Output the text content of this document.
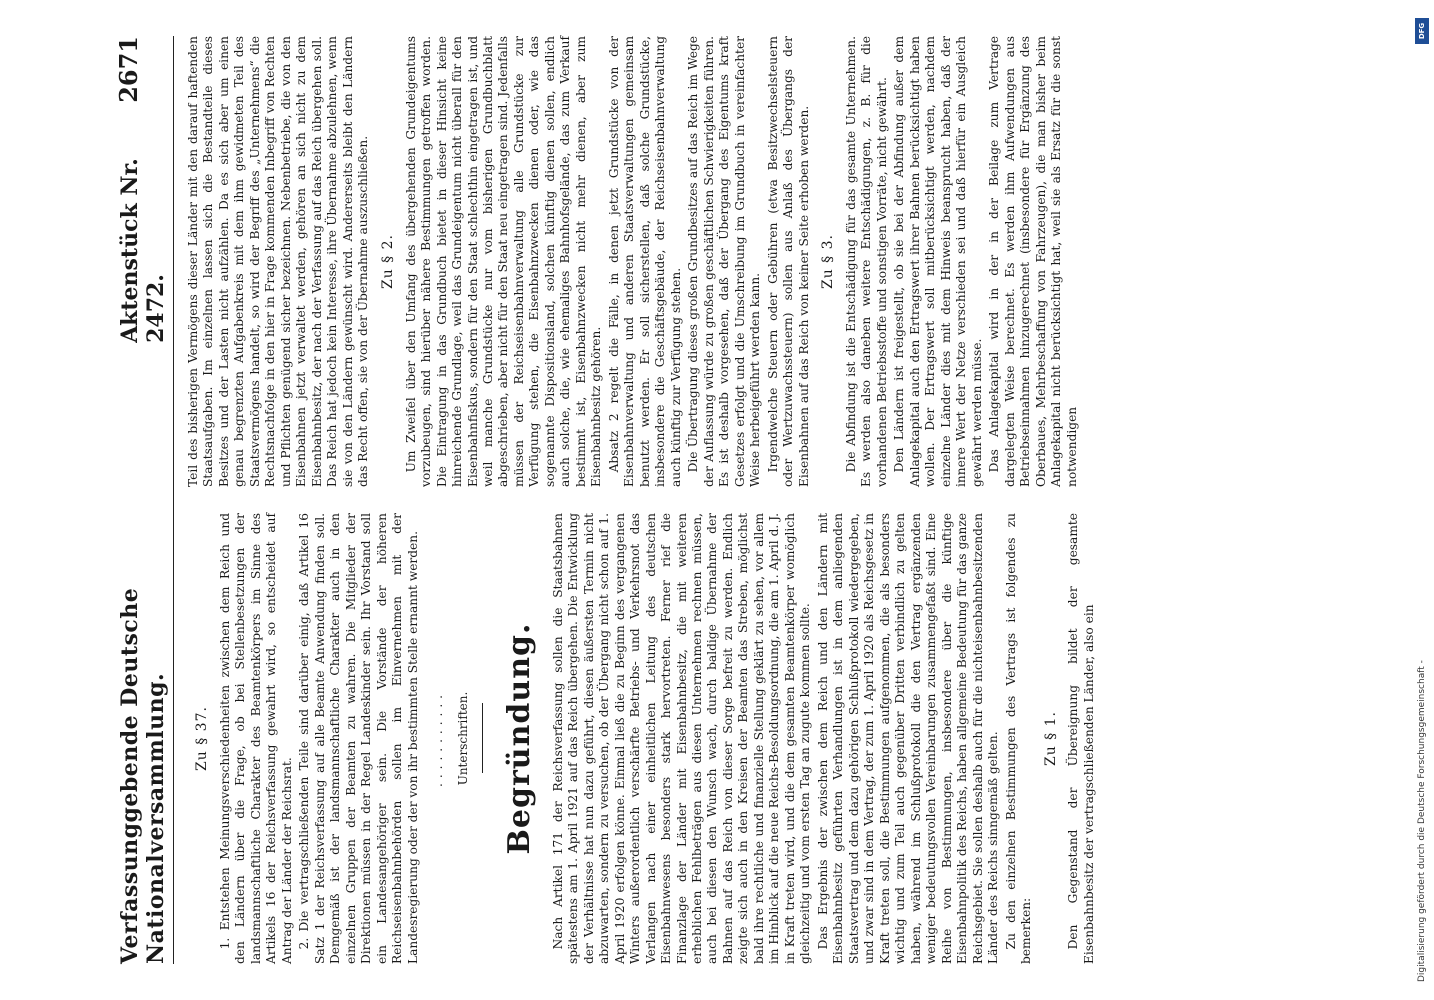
Verfassunggebende Deutsche Nationalversammlung.
Aktenstück Nr. 2472.
2671
Zu § 37. 1. Entstehen Meinungsverschiedenheiten zwischen dem Reich und den Ländern über die Frage, ob bei Stellenbesetzungen der landsmannschaftliche Charakter des Beamtenkörpers im Sinne des Artikels 16 der Reichsverfassung gewahrt wird, so entscheidet auf Antrag der Länder der Reichsrat. 2. Die vertragschließenden Teile sind darüber einig, daß Artikel 16 Satz 1 der Reichsverfassung auf alle Beamte Anwendung finden soll. Demgemäß ist der landsmannschaftliche Charakter auch in den einzelnen Gruppen der Beamten zu wahren. Die Mitglieder der Direktionen müssen in der Regel Landeskinder sein. Ihr Vorstand soll ein Landesangehöriger sein. Die Vorstände der höheren Reichseisenbahnbehörden sollen im Einvernehmen mit der Landesregierung oder der von ihr bestimmten Stelle ernannt werden. ........... Unterschriften. Begründung. Nach Artikel 171 der Reichsverfassung sollen die Staatsbahnen spätestens am 1. April 1921 auf das Reich übergehen. Die Entwicklung der Verhältnisse hat nun dazu geführt, diesen äußersten Termin nicht abzuwarten, sondern zu versuchen, ob der Übergang nicht schon auf 1. April 1920 erfolgen könne. Einmal ließ die zu Beginn des vergangenen Winters außerordentlich verschärfte Betriebs- und Verkehrsnot das Verlangen nach einer einheitlichen Leitung des deutschen Eisenbahnwesens besonders stark hervortreten. Ferner rief die Finanzlage der Länder mit Eisenbahnbesitz, die mit weiteren erheblichen Fehlbeträgen aus diesen Unternehmen rechnen müssen, auch bei diesen den Wunsch wach, durch baldige Übernahme der Bahnen auf das Reich von dieser Sorge befreit zu werden. Endlich zeigte sich auch in den Kreisen der Beamten das Streben, möglichst bald ihre rechtliche und finanzielle Stellung geklärt zu sehen, vor allem im Hinblick auf die neue Reichs-Besoldungsordnung, die am 1. April d. J. in Kraft treten wird, und die dem gesamten Beamtenkörper womöglich gleichzeitig und vom ersten Tag an zugute kommen sollte. Das Ergebnis der zwischen dem Reich und den Ländern mit Eisenbahnbesitz geführten Verhandlungen ist in dem anliegenden Staatsvertrag und dem dazu gehörigen Schlußprotokoll wiedergegeben, und zwar sind in dem Vertrag, der zum 1. April 1920 als Reichsgesetz in Kraft treten soll, die Bestimmungen aufgenommen, die als besonders wichtig und zum Teil auch gegenüber Dritten verbindlich zu gelten haben, während im Schlußprotokoll die den Vertrag ergänzenden weniger bedeutungsvollen Vereinbarungen zusammengefaßt sind. Eine Reihe von Bestimmungen, insbesondere über die künftige Eisenbahnpolitik des Reichs, haben allgemeine Bedeutung für das ganze Reichsgebiet. Sie sollen deshalb auch für die nichteisenbahnbesitzenden Länder des Reichs sinngemäß gelten. Zu den einzelnen Bestimmungen des Vertrags ist folgendes zu bemerken:

Zu § 1. Den Gegenstand der Übereignung bildet der gesamte Eisenbahnbesitz der vertragschließenden Länder, also ein

Teil des bisherigen Vermögens dieser Länder mit den darauf haftenden Staatsaufgaben. Im einzelnen lassen sich die Bestandteile dieses Besitzes und der Lasten nicht aufzählen. Da es sich aber um einen genau begrenzten Aufgabenkreis mit dem ihm gewidmeten Teil des Staatsvermögens handelt, so wird der Begriff des „Unternehmens“ die Rechtsnachfolge in den hier in Frage kommenden Inbegriff von Rechten und Pflichten genügend sicher bezeichnen. Nebenbetriebe, die von den Eisenbahnen jetzt verwaltet werden, gehören an sich nicht zu dem Eisenbahnbesitz, der nach der Verfassung auf das Reich übergehen soll. Das Reich hat jedoch kein Interesse, ihre Übernahme abzulehnen, wenn sie von den Ländern gewünscht wird. Andererseits bleibt den Ländern das Recht offen, sie von der Übernahme auszuschließen. Zu § 2. Um Zweifel über den Umfang des übergehenden Grundeigentums vorzubeugen, sind hierüber nähere Bestimmungen getroffen worden. Die Eintragung in das Grundbuch bietet in dieser Hinsicht keine hinreichende Grundlage, weil das Grundeigentum nicht überall für den Eisenbahnfiskus, sondern für den Staat schlechthin eingetragen ist, und weil manche Grundstücke nur vom bisherigen Grundbuchblatt abgeschrieben, aber nicht für den Staat neu eingetragen sind. Jedenfalls müssen der Reichseisenbahnverwaltung alle Grundstücke zur Verfügung stehen, die Eisenbahnzwecken dienen oder, wie das sogenannte Dispositionsland, solchen künftig dienen sollen, endlich auch solche, die, wie ehemaliges Bahnhofsgelände, das zum Verkauf bestimmt ist, Eisenbahnzwecken nicht mehr dienen, aber zum Eisenbahnbesitz gehören. Absatz 2 regelt die Fälle, in denen jetzt Grundstücke von der Eisenbahnverwaltung und anderen Staatsverwaltungen gemeinsam benutzt werden. Er soll sicherstellen, daß solche Grundstücke, insbesondere die Geschäftsgebäude, der Reichseisenbahnverwaltung auch künftig zur Verfügung stehen. Die Übertragung dieses großen Grundbesitzes auf das Reich im Wege der Auflassung würde zu großen geschäftlichen Schwierigkeiten führen. Es ist deshalb vorgesehen, daß der Übergang des Eigentums kraft Gesetzes erfolgt und die Umschreibung im Grundbuch in vereinfachter Weise herbeigeführt werden kann. Irgendwelche Steuern oder Gebühren (etwa Besitzwechselsteuern oder Wertzuwachssteuern) sollen aus Anlaß des Übergangs der Eisenbahnen auf das Reich von keiner Seite erhoben werden. Zu § 3. Die Abfindung ist die Entschädigung für das gesamte Unternehmen. Es werden also daneben weitere Entschädigungen, z. B. für die vorhandenen Betriebsstoffe und sonstigen Vorräte, nicht gewährt. Den Ländern ist freigestellt, ob sie bei der Abfindung außer dem Anlagekapital auch den Ertragswert ihrer Bahnen berücksichtigt haben wollen. Der Ertragswert soll mitberücksichtigt werden, nachdem einzelne Länder dies mit dem Hinweis beansprucht haben, daß der innere Wert der Netze verschieden sei und daß hierfür ein Ausgleich gewährt werden müsse. Das Anlagekapital wird in der in der Beilage zum Vertrage dargelegten Weise berechnet. Es werden ihm Aufwendungen aus Betriebseinnahmen hinzugerechnet (insbesondere für Ergänzung des Oberbaues, Mehrbeschaffung von Fahrzeugen), die man bisher beim Anlagekapital nicht berücksichtigt hat, weil sie als Ersatz für die sonst notwendigen

DFG
Digitalisierung gefördert durch die Deutsche Forschungsgemeinschaft -
